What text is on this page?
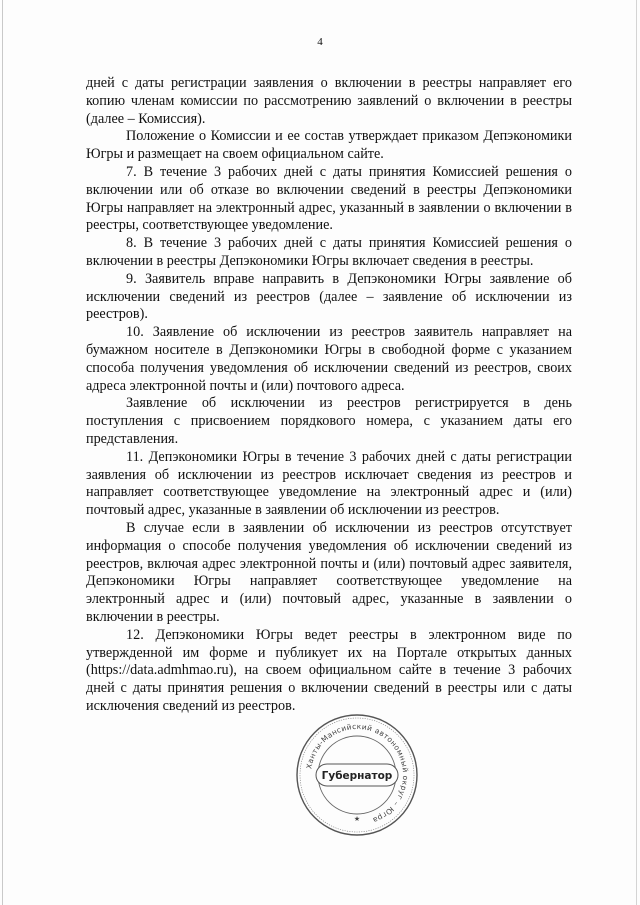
4

дней с даты регистрации заявления о включении в реестры направляет его копию членам комиссии по рассмотрению заявлений о включении в реестры (далее – Комиссия).

Положение о Комиссии и ее состав утверждает приказом Депэкономики Югры и размещает на своем официальном сайте.

7. В течение 3 рабочих дней с даты принятия Комиссией решения о включении или об отказе во включении сведений в реестры Депэкономики Югры направляет на электронный адрес, указанный в заявлении о включении в реестры, соответствующее уведомление.

8. В течение 3 рабочих дней с даты принятия Комиссией решения о включении в реестры Депэкономики Югры включает сведения в реестры.

9. Заявитель вправе направить в Депэкономики Югры заявление об исключении сведений из реестров (далее – заявление об исключении из реестров).

10. Заявление об исключении из реестров заявитель направляет на бумажном носителе в Депэкономики Югры в свободной форме с указанием способа получения уведомления об исключении сведений из реестров, своих адреса электронной почты и (или) почтового адреса.

Заявление об исключении из реестров регистрируется в день поступления с присвоением порядкового номера, с указанием даты его представления.

11. Депэкономики Югры в течение 3 рабочих дней с даты регистрации заявления об исключении из реестров исключает сведения из реестров и направляет соответствующее уведомление на электронный адрес и (или) почтовый адрес, указанные в заявлении об исключении из реестров.

В случае если в заявлении об исключении из реестров отсутствует информация о способе получения уведомления об исключении сведений из реестров, включая адрес электронной почты и (или) почтовый адрес заявителя, Депэкономики Югры направляет соответствующее уведомление на электронный адрес и (или) почтовый адрес, указанные в заявлении о включении в реестры.

12. Депэкономики Югры ведет реестры в электронном виде по утвержденной им форме и публикует их на Портале открытых данных (https://data.admhmao.ru), на своем официальном сайте в течение 3 рабочих дней с даты принятия решения о включении сведений в реестры или с даты исключения сведений из реестров.

Ханты-Мансийский автономный округ – Югра
Губернатор
★
